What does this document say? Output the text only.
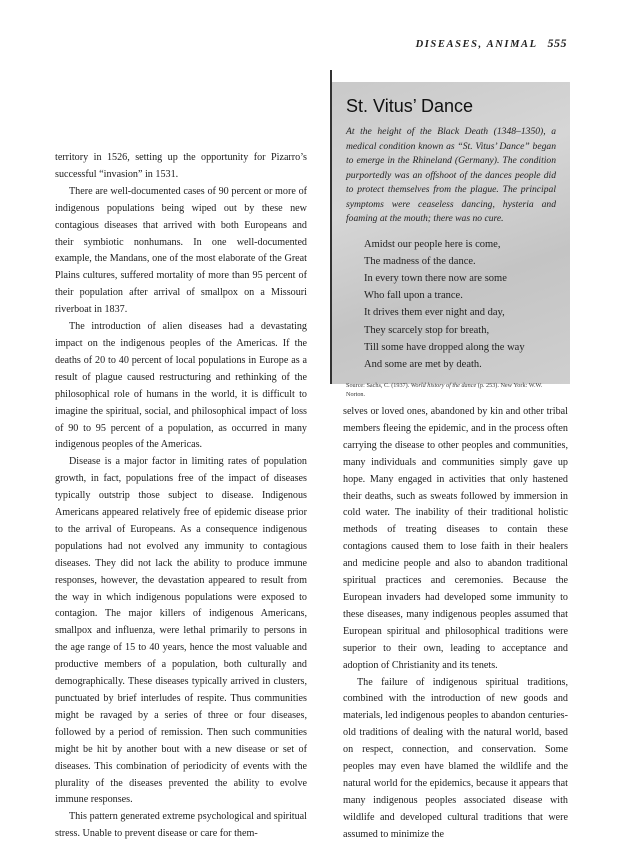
DISEASES, ANIMAL 555
St. Vitus’ Dance
At the height of the Black Death (1348–1350), a medical condition known as “St. Vitus’ Dance” began to emerge in the Rhineland (Germany). The condition purportedly was an offshoot of the dances people did to protect themselves from the plague. The principal symptoms were ceaseless dancing, hysteria and foaming at the mouth; there was no cure.
Amidst our people here is come,
The madness of the dance.
In every town there now are some
Who fall upon a trance.
It drives them ever night and day,
They scarcely stop for breath,
Till some have dropped along the way
And some are met by death.
Source: Sachs, C. (1937). World history of the dance (p. 253). New York: W.W. Norton.

territory in 1526, setting up the opportunity for Pizarro’s successful “invasion” in 1531.

There are well-documented cases of 90 percent or more of indigenous populations being wiped out by these new contagious diseases that arrived with both Europeans and their symbiotic nonhumans. In one well-documented example, the Mandans, one of the most elaborate of the Great Plains cultures, suffered mortality of more than 95 percent of their population after arrival of smallpox on a Missouri riverboat in 1837.

The introduction of alien diseases had a devastating impact on the indigenous peoples of the Americas. If the deaths of 20 to 40 percent of local populations in Europe as a result of plague caused restructuring and rethinking of the philosophical role of humans in the world, it is difficult to imagine the spiritual, social, and philosophical impact of loss of 90 to 95 percent of a population, as occurred in many indigenous peoples of the Americas.

Disease is a major factor in limiting rates of population growth, in fact, populations free of the impact of diseases typically outstrip those subject to disease. Indigenous Americans appeared relatively free of epidemic disease prior to the arrival of Europeans. As a consequence indigenous populations had not evolved any immunity to contagious diseases. They did not lack the ability to produce immune responses, however, the devastation appeared to result from the way in which indigenous populations were exposed to contagion. The major killers of indigenous Americans, smallpox and influenza, were lethal primarily to persons in the age range of 15 to 40 years, hence the most valuable and productive members of a population, both culturally and demographically. These diseases typically arrived in clusters, punctuated by brief interludes of respite. Thus communities might be ravaged by a series of three or four diseases, followed by a period of remission. Then such communities might be hit by another bout with a new disease or set of diseases. This combination of periodicity of events with the plurality of the diseases prevented the ability to evolve immune responses.

This pattern generated extreme psychological and spiritual stress. Unable to prevent disease or care for them-

selves or loved ones, abandoned by kin and other tribal members fleeing the epidemic, and in the process often carrying the disease to other peoples and communities, many individuals and communities simply gave up hope. Many engaged in activities that only hastened their deaths, such as sweats followed by immersion in cold water. The inability of their traditional holistic methods of treating diseases to contain these contagions caused them to lose faith in their healers and medicine people and also to abandon traditional spiritual practices and ceremonies. Because the European invaders had developed some immunity to these diseases, many indigenous peoples assumed that European spiritual and philosophical traditions were superior to their own, leading to acceptance and adoption of Christianity and its tenets.

The failure of indigenous spiritual traditions, combined with the introduction of new goods and materials, led indigenous peoples to abandon centuries-old traditions of dealing with the natural world, based on respect, connection, and conservation. Some peoples may even have blamed the wildlife and the natural world for the epidemics, because it appears that many indigenous peoples associated disease with wildlife and developed cultural traditions that were assumed to minimize the
